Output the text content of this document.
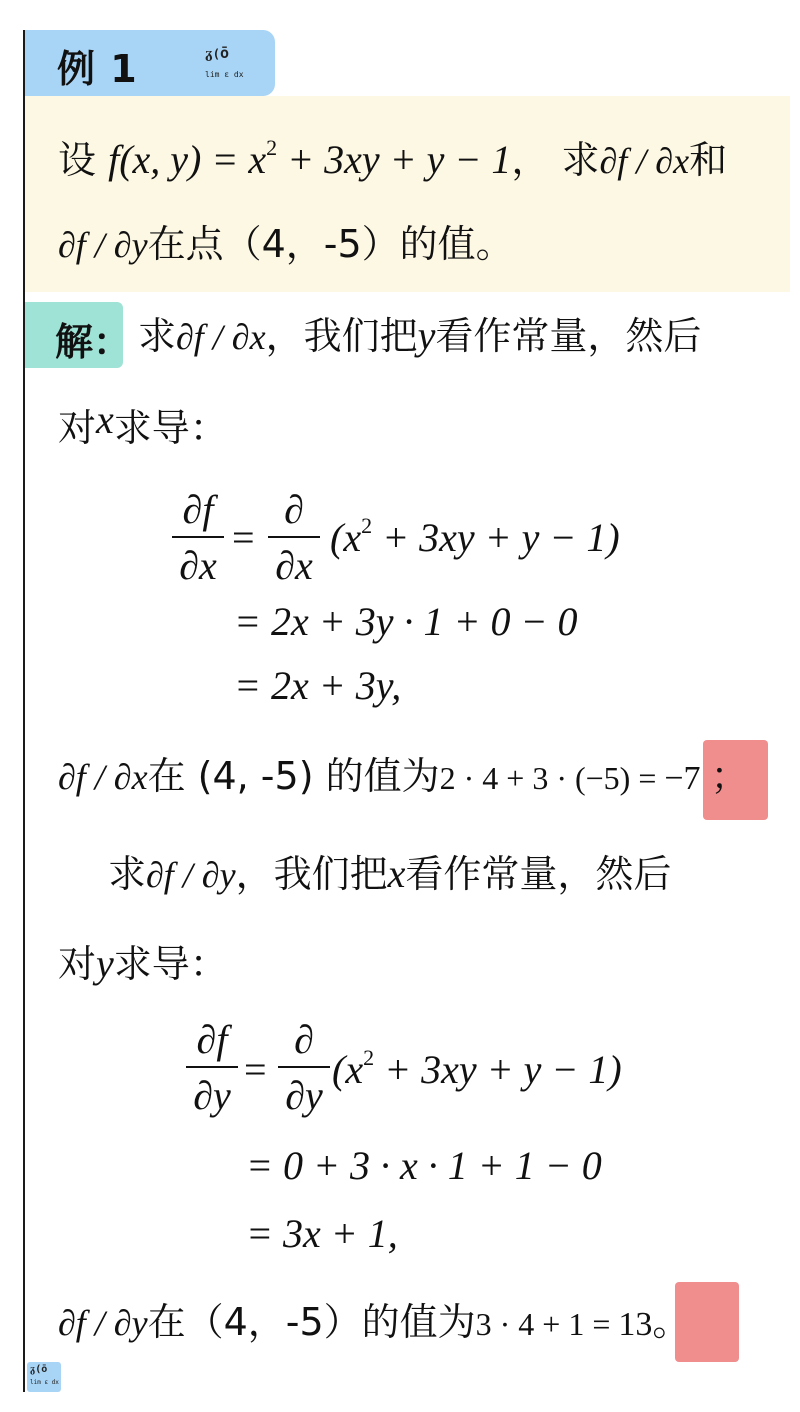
例 1	ᵹ(ō
lim ε dx
设 f(x, $y) = x^2 + 3xy + y - 1$， 求∂f / ∂x和
∂f / ∂y在点（4，-5）的值。
解： 求∂f / ∂x，我们把y看作常量，然后
对x求导：
∂f
∂x
=
∂
∂x
$(x^2 + 3xy + y - 1)$
= 2x + 3y · 1 + 0 − 0
= 2x + 3y,
∂f / ∂x在 (4, -5) 的值为2 · 4 + 3 · (−5) = −7 ；
求∂f / ∂y，我们把x看作常量，然后
对y求导：
∂f
∂y
=
∂
∂y
$(x^2 + 3xy + y - 1)$
= 0 + 3 · x · 1 + 1 − 0
= 3x + 1,
∂f / ∂y在（4，-5）的值为3 · 4 + 1 = 13。
ᵹ(ō
lim ε dx
